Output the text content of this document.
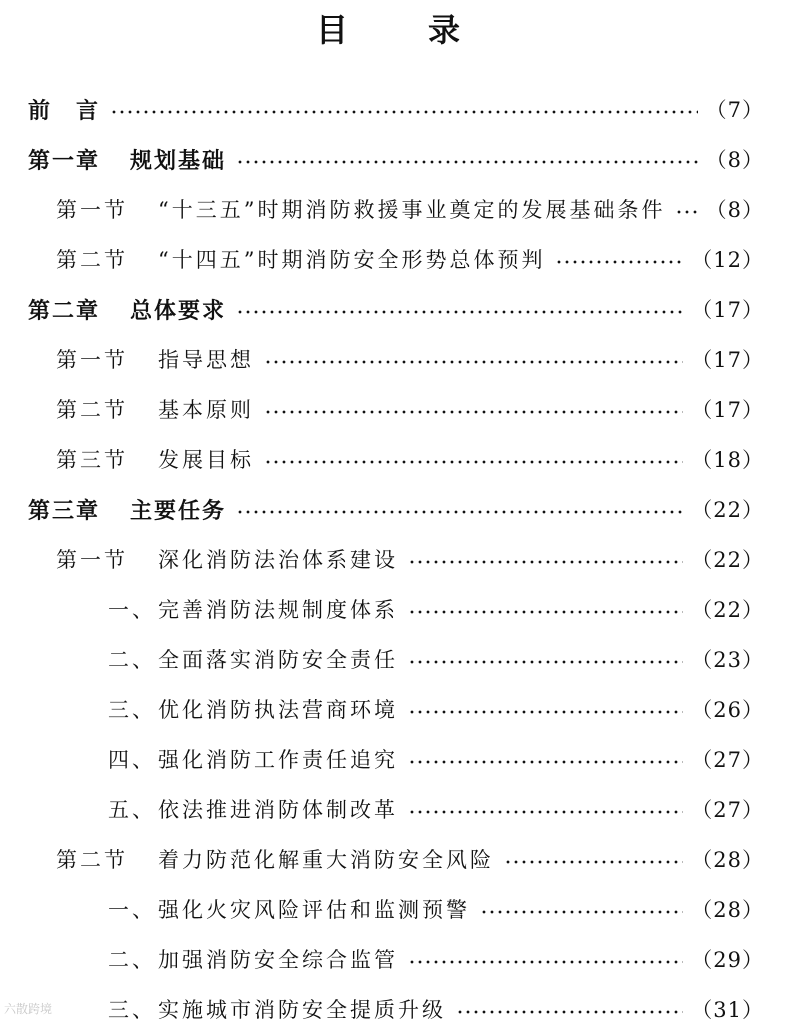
目　录
前　言	（7）
第一章 规划基础	（8）
第一节 “十三五”时期消防救援事业奠定的发展基础条件 （8）
第二节 “十四五”时期消防安全形势总体预判	（12）
第二章 总体要求	（17）
第一节 指导思想	（17）
第二节 基本原则	（17）
第三节 发展目标	（18）
第三章 主要任务	（22）
第一节 深化消防法治体系建设	（22）
一、完善消防法规制度体系	（22）
二、全面落实消防安全责任	（23）
三、优化消防执法营商环境	（26）
四、强化消防工作责任追究	（27）
五、依法推进消防体制改革	（27）
第二节 着力防范化解重大消防安全风险	（28）
一、强化火灾风险评估和监测预警	（28）
二、加强消防安全综合监管	（29）
三、实施城市消防安全提质升级	（31）
六散跨境
